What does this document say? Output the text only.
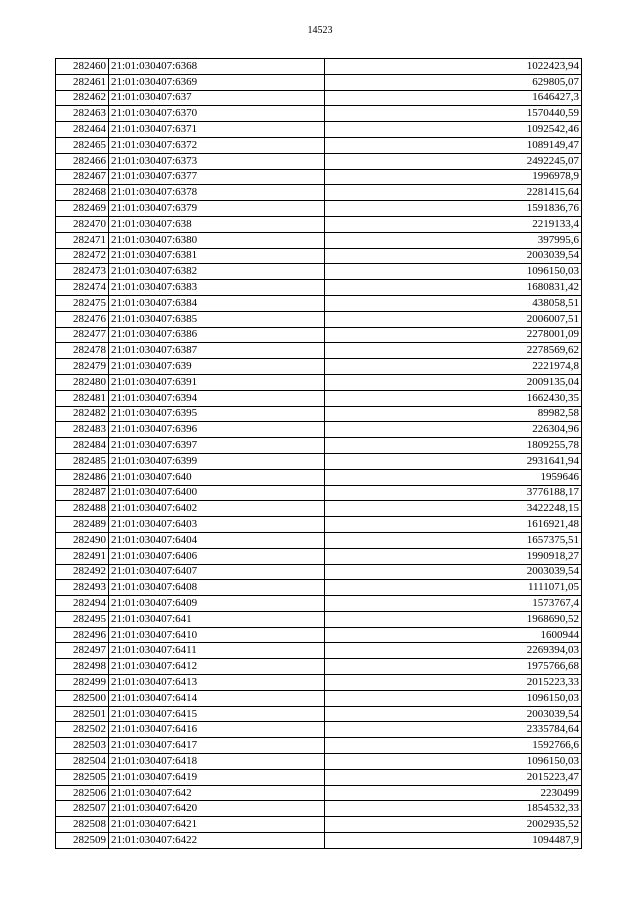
14523
282460	21:01:030407:6368	1022423,94
282461	21:01:030407:6369	629805,07
282462	21:01:030407:637	1646427,3
282463	21:01:030407:6370	1570440,59
282464	21:01:030407:6371	1092542,46
282465	21:01:030407:6372	1089149,47
282466	21:01:030407:6373	2492245,07
282467	21:01:030407:6377	1996978,9
282468	21:01:030407:6378	2281415,64
282469	21:01:030407:6379	1591836,76
282470	21:01:030407:638	2219133,4
282471	21:01:030407:6380	397995,6
282472	21:01:030407:6381	2003039,54
282473	21:01:030407:6382	1096150,03
282474	21:01:030407:6383	1680831,42
282475	21:01:030407:6384	438058,51
282476	21:01:030407:6385	2006007,51
282477	21:01:030407:6386	2278001,09
282478	21:01:030407:6387	2278569,62
282479	21:01:030407:639	2221974,8
282480	21:01:030407:6391	2009135,04
282481	21:01:030407:6394	1662430,35
282482	21:01:030407:6395	89982,58
282483	21:01:030407:6396	226304,96
282484	21:01:030407:6397	1809255,78
282485	21:01:030407:6399	2931641,94
282486	21:01:030407:640	1959646
282487	21:01:030407:6400	3776188,17
282488	21:01:030407:6402	3422248,15
282489	21:01:030407:6403	1616921,48
282490	21:01:030407:6404	1657375,51
282491	21:01:030407:6406	1990918,27
282492	21:01:030407:6407	2003039,54
282493	21:01:030407:6408	1111071,05
282494	21:01:030407:6409	1573767,4
282495	21:01:030407:641	1968690,52
282496	21:01:030407:6410	1600944
282497	21:01:030407:6411	2269394,03
282498	21:01:030407:6412	1975766,68
282499	21:01:030407:6413	2015223,33
282500	21:01:030407:6414	1096150,03
282501	21:01:030407:6415	2003039,54
282502	21:01:030407:6416	2335784,64
282503	21:01:030407:6417	1592766,6
282504	21:01:030407:6418	1096150,03
282505	21:01:030407:6419	2015223,47
282506	21:01:030407:642	2230499
282507	21:01:030407:6420	1854532,33
282508	21:01:030407:6421	2002935,52
282509	21:01:030407:6422	1094487,9
